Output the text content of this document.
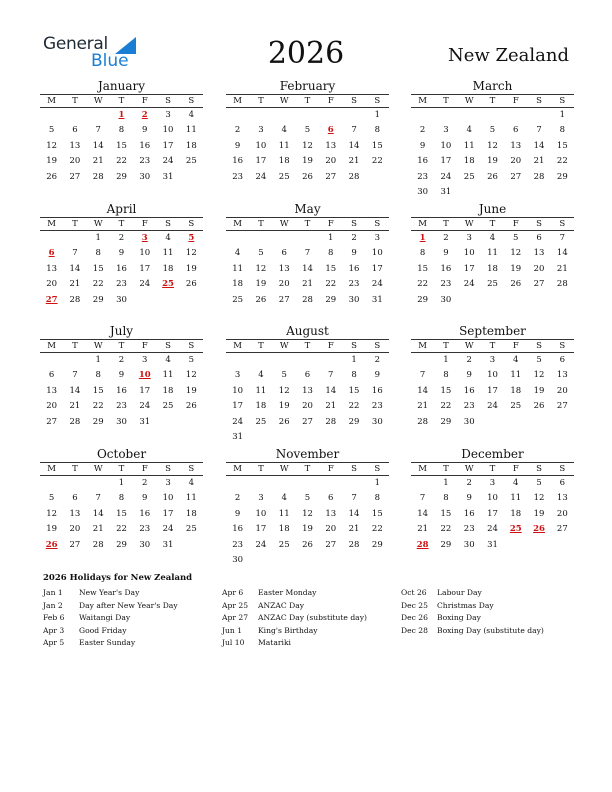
General
Blue	2026	New Zealand
January
M	T	W	T	F	S	S
			1	2	3	4
5	6	7	8	9	10	11
12	13	14	15	16	17	18
19	20	21	22	23	24	25
26	27	28	29	30	31	
February
M	T	W	T	F	S	S
						1
2	3	4	5	6	7	8
9	10	11	12	13	14	15
16	17	18	19	20	21	22
23	24	25	26	27	28	
March
M	T	W	T	F	S	S
						1
2	3	4	5	6	7	8
9	10	11	12	13	14	15
16	17	18	19	20	21	22
23	24	25	26	27	28	29
30	31					
April
M	T	W	T	F	S	S
		1	2	3	4	5
6	7	8	9	10	11	12
13	14	15	16	17	18	19
20	21	22	23	24	25	26
27	28	29	30			
May
M	T	W	T	F	S	S
				1	2	3
4	5	6	7	8	9	10
11	12	13	14	15	16	17
18	19	20	21	22	23	24
25	26	27	28	29	30	31
June
M	T	W	T	F	S	S
1	2	3	4	5	6	7
8	9	10	11	12	13	14
15	16	17	18	19	20	21
22	23	24	25	26	27	28
29	30					
July
M	T	W	T	F	S	S
		1	2	3	4	5
6	7	8	9	10	11	12
13	14	15	16	17	18	19
20	21	22	23	24	25	26
27	28	29	30	31		
August
M	T	W	T	F	S	S
					1	2
3	4	5	6	7	8	9
10	11	12	13	14	15	16
17	18	19	20	21	22	23
24	25	26	27	28	29	30
31						
September
M	T	W	T	F	S	S
	1	2	3	4	5	6
7	8	9	10	11	12	13
14	15	16	17	18	19	20
21	22	23	24	25	26	27
28	29	30				
October
M	T	W	T	F	S	S
			1	2	3	4
5	6	7	8	9	10	11
12	13	14	15	16	17	18
19	20	21	22	23	24	25
26	27	28	29	30	31	
November
M	T	W	T	F	S	S
						1
2	3	4	5	6	7	8
9	10	11	12	13	14	15
16	17	18	19	20	21	22
23	24	25	26	27	28	29
30						
December
M	T	W	T	F	S	S
	1	2	3	4	5	6
7	8	9	10	11	12	13
14	15	16	17	18	19	20
21	22	23	24	25	26	27
28	29	30	31			
2026 Holidays for New Zealand
Jan 1 New Year's Day
Jan 2 Day after New Year's Day
Feb 6 Waitangi Day
Apr 3 Good Friday
Apr 5 Easter Sunday
Apr 6 Easter Monday
Apr 25 ANZAC Day
Apr 27 ANZAC Day (substitute day)
Jun 1 King's Birthday
Jul 10 Matariki
Oct 26 Labour Day
Dec 25 Christmas Day
Dec 26 Boxing Day
Dec 28 Boxing Day (substitute day)
